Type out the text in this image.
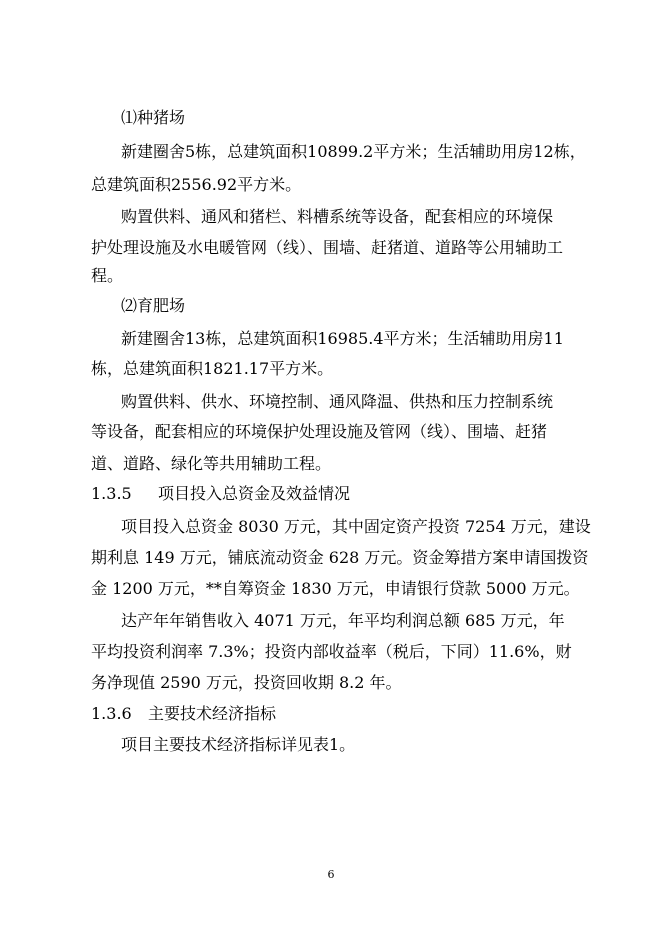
⑴种猪场
新建圈舍5栋，总建筑面积10899.2平方米；生活辅助用房12栋，
总建筑面积2556.92平方米。
购置供料、通风和猪栏、料槽系统等设备，配套相应的环境保
护处理设施及水电暖管网（线）、围墙、赶猪道、道路等公用辅助工
程。
⑵育肥场
新建圈舍13栋，总建筑面积16985.4平方米；生活辅助用房11
栋，总建筑面积1821.17平方米。
购置供料、供水、环境控制、通风降温、供热和压力控制系统
等设备，配套相应的环境保护处理设施及管网（线）、围墙、赶猪
道、道路、绿化等共用辅助工程。
1.3.5 项目投入总资金及效益情况
项目投入总资金 8030 万元，其中固定资产投资 7254 万元，建设
期利息 149 万元，铺底流动资金 628 万元。资金筹措方案申请国拨资
金 1200 万元，**自筹资金 1830 万元，申请银行贷款 5000 万元。
达产年年销售收入 4071 万元，年平均利润总额 685 万元，年
平均投资利润率 7.3%；投资内部收益率（税后，下同）11.6%，财
务净现值 2590 万元，投资回收期 8.2 年。
1.3.6 主要技术经济指标
项目主要技术经济指标详见表1。
6
